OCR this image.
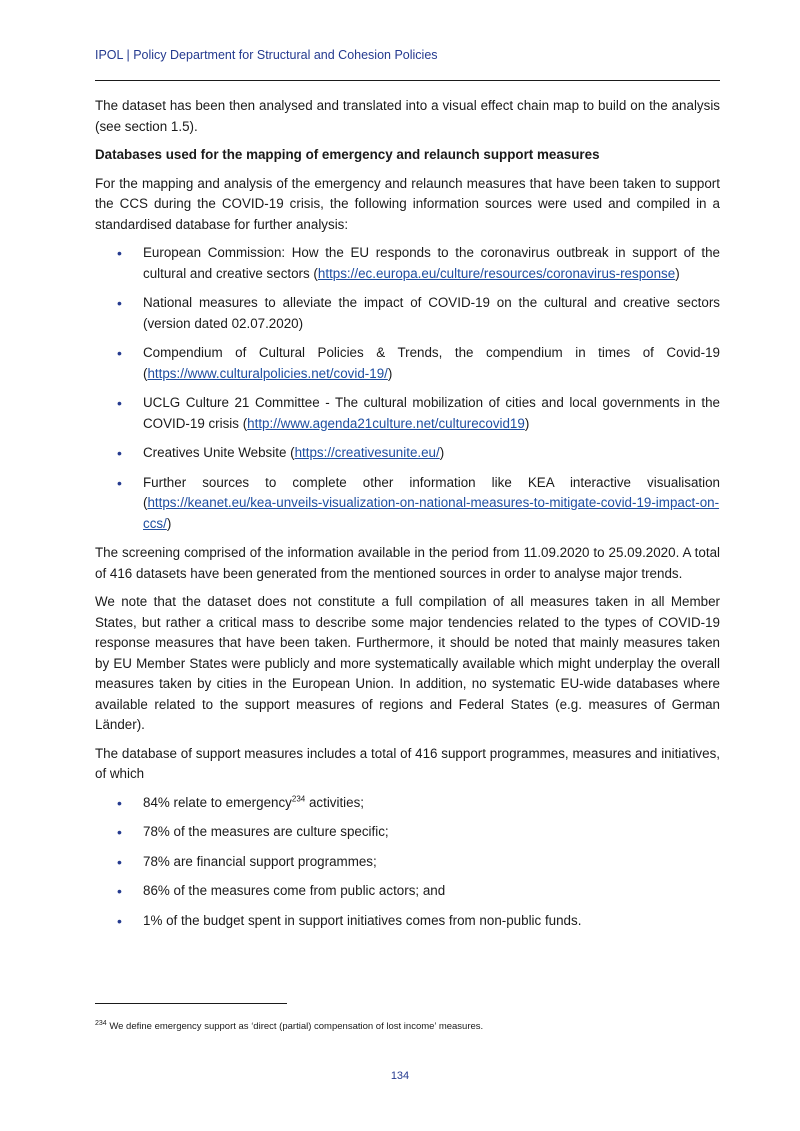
IPOL | Policy Department for Structural and Cohesion Policies

The dataset has been then analysed and translated into a visual effect chain map to build on the analysis (see section 1.5).

Databases used for the mapping of emergency and relaunch support measures

For the mapping and analysis of the emergency and relaunch measures that have been taken to support the CCS during the COVID-19 crisis, the following information sources were used and compiled in a standardised database for further analysis:

• European Commission: How the EU responds to the coronavirus outbreak in support of the cultural and creative sectors (https://ec.europa.eu/culture/resources/coronavirus-response)
• National measures to alleviate the impact of COVID-19 on the cultural and creative sectors (version dated 02.07.2020)
• Compendium of Cultural Policies & Trends, the compendium in times of Covid-19 (https://www.culturalpolicies.net/covid-19/)
• UCLG Culture 21 Committee - The cultural mobilization of cities and local governments in the COVID-19 crisis (http://www.agenda21culture.net/culturecovid19)
• Creatives Unite Website (https://creativesunite.eu/)
• Further sources to complete other information like KEA interactive visualisation (https://keanet.eu/kea-unveils-visualization-on-national-measures-to-mitigate-covid-19-impact-on-ccs/)

The screening comprised of the information available in the period from 11.09.2020 to 25.09.2020. A total of 416 datasets have been generated from the mentioned sources in order to analyse major trends.

We note that the dataset does not constitute a full compilation of all measures taken in all Member States, but rather a critical mass to describe some major tendencies related to the types of COVID-19 response measures that have been taken. Furthermore, it should be noted that mainly measures taken by EU Member States were publicly and more systematically available which might underplay the overall measures taken by cities in the European Union. In addition, no systematic EU-wide databases where available related to the support measures of regions and Federal States (e.g. measures of German Länder).

The database of support measures includes a total of 416 support programmes, measures and initiatives, of which

• 84% relate to emergency$^{234}$ activities;
• 78% of the measures are culture specific;
• 78% are financial support programmes;
• 86% of the measures come from public actors; and
• 1% of the budget spent in support initiatives comes from non-public funds.
$^{234}$ We define emergency support as ‘direct (partial) compensation of lost income’ measures.
134
